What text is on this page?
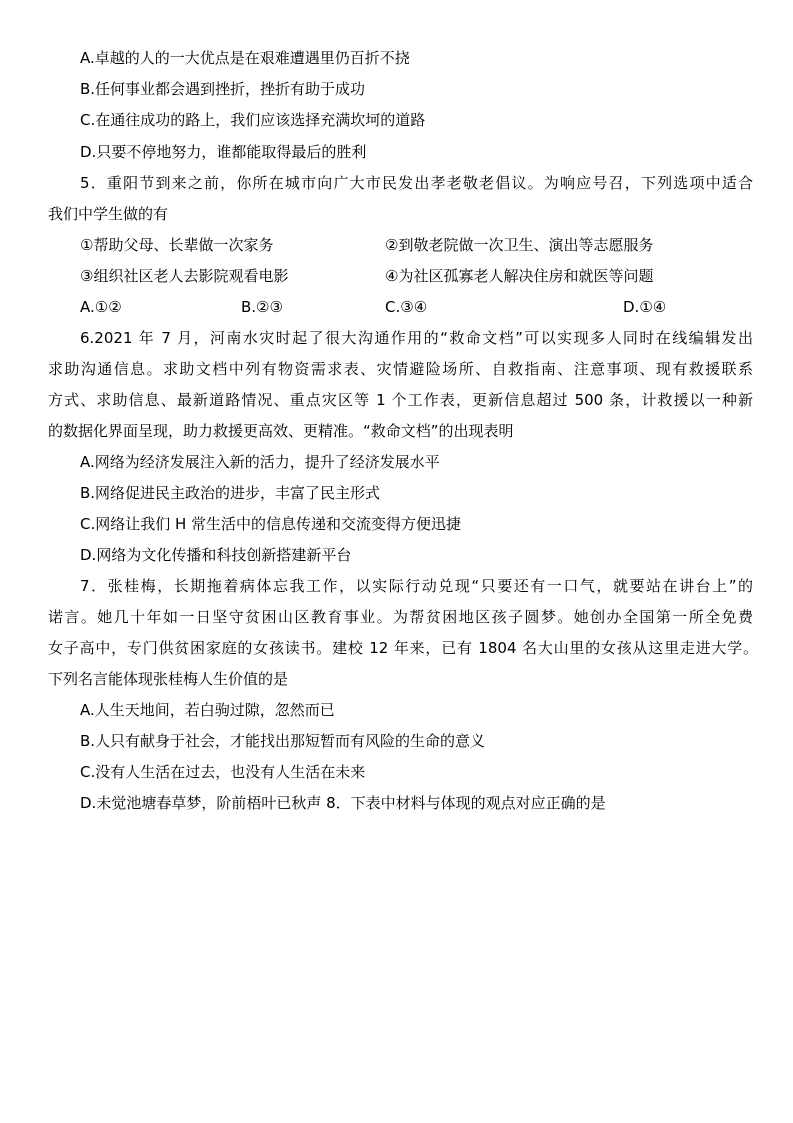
A.卓越的人的一大优点是在艰难遭遇里仍百折不挠
B.任何事业都会遇到挫折，挫折有助于成功
C.在通往成功的路上，我们应该选择充满坎坷的道路
D.只要不停地努力，谁都能取得最后的胜利
5．重阳节到来之前，你所在城市向广大市民发出孝老敬老倡议。为响应号召，下列选项中适合
我们中学生做的有
①帮助父母、长辈做一次家务	②到敬老院做一次卫生、演出等志愿服务
③组织社区老人去影院观看电影	④为社区孤寡老人解决住房和就医等问题
A.①②	B.②③	C.③④	D.①④
6.2021 年 7 月，河南水灾时起了很大沟通作用的“救命文档”可以实现多人同时在线编辑发出
求助沟通信息。求助文档中列有物资需求表、灾情避险场所、自救指南、注意事项、现有救援联系
方式、求助信息、最新道路情况、重点灾区等 1 个工作表，更新信息超过 500 条，计救援以一种新
的数据化界面呈现，助力救援更高效、更精准。“救命文档”的出现表明
A.网络为经济发展注入新的活力，提升了经济发展水平
B.网络促进民主政治的进步，丰富了民主形式
C.网络让我们 H 常生活中的信息传递和交流变得方便迅捷
D.网络为文化传播和科技创新搭建新平台
7．张桂梅，长期拖着病体忘我工作，以实际行动兑现“只要还有一口气，就要站在讲台上”的
诺言。她几十年如一日坚守贫困山区教育事业。为帮贫困地区孩子圆梦。她创办全国第一所全免费
女子高中，专门供贫困家庭的女孩读书。建校 12 年来，已有 1804 名大山里的女孩从这里走进大学。
下列名言能体现张桂梅人生价值的是
A.人生天地间，若白驹过隙，忽然而已
B.人只有献身于社会，才能找出那短暂而有风险的生命的意义
C.没有人生活在过去，也没有人生活在未来
D.未觉池塘春草梦，阶前梧叶已秋声 8．下表中材料与体现的观点对应正确的是
